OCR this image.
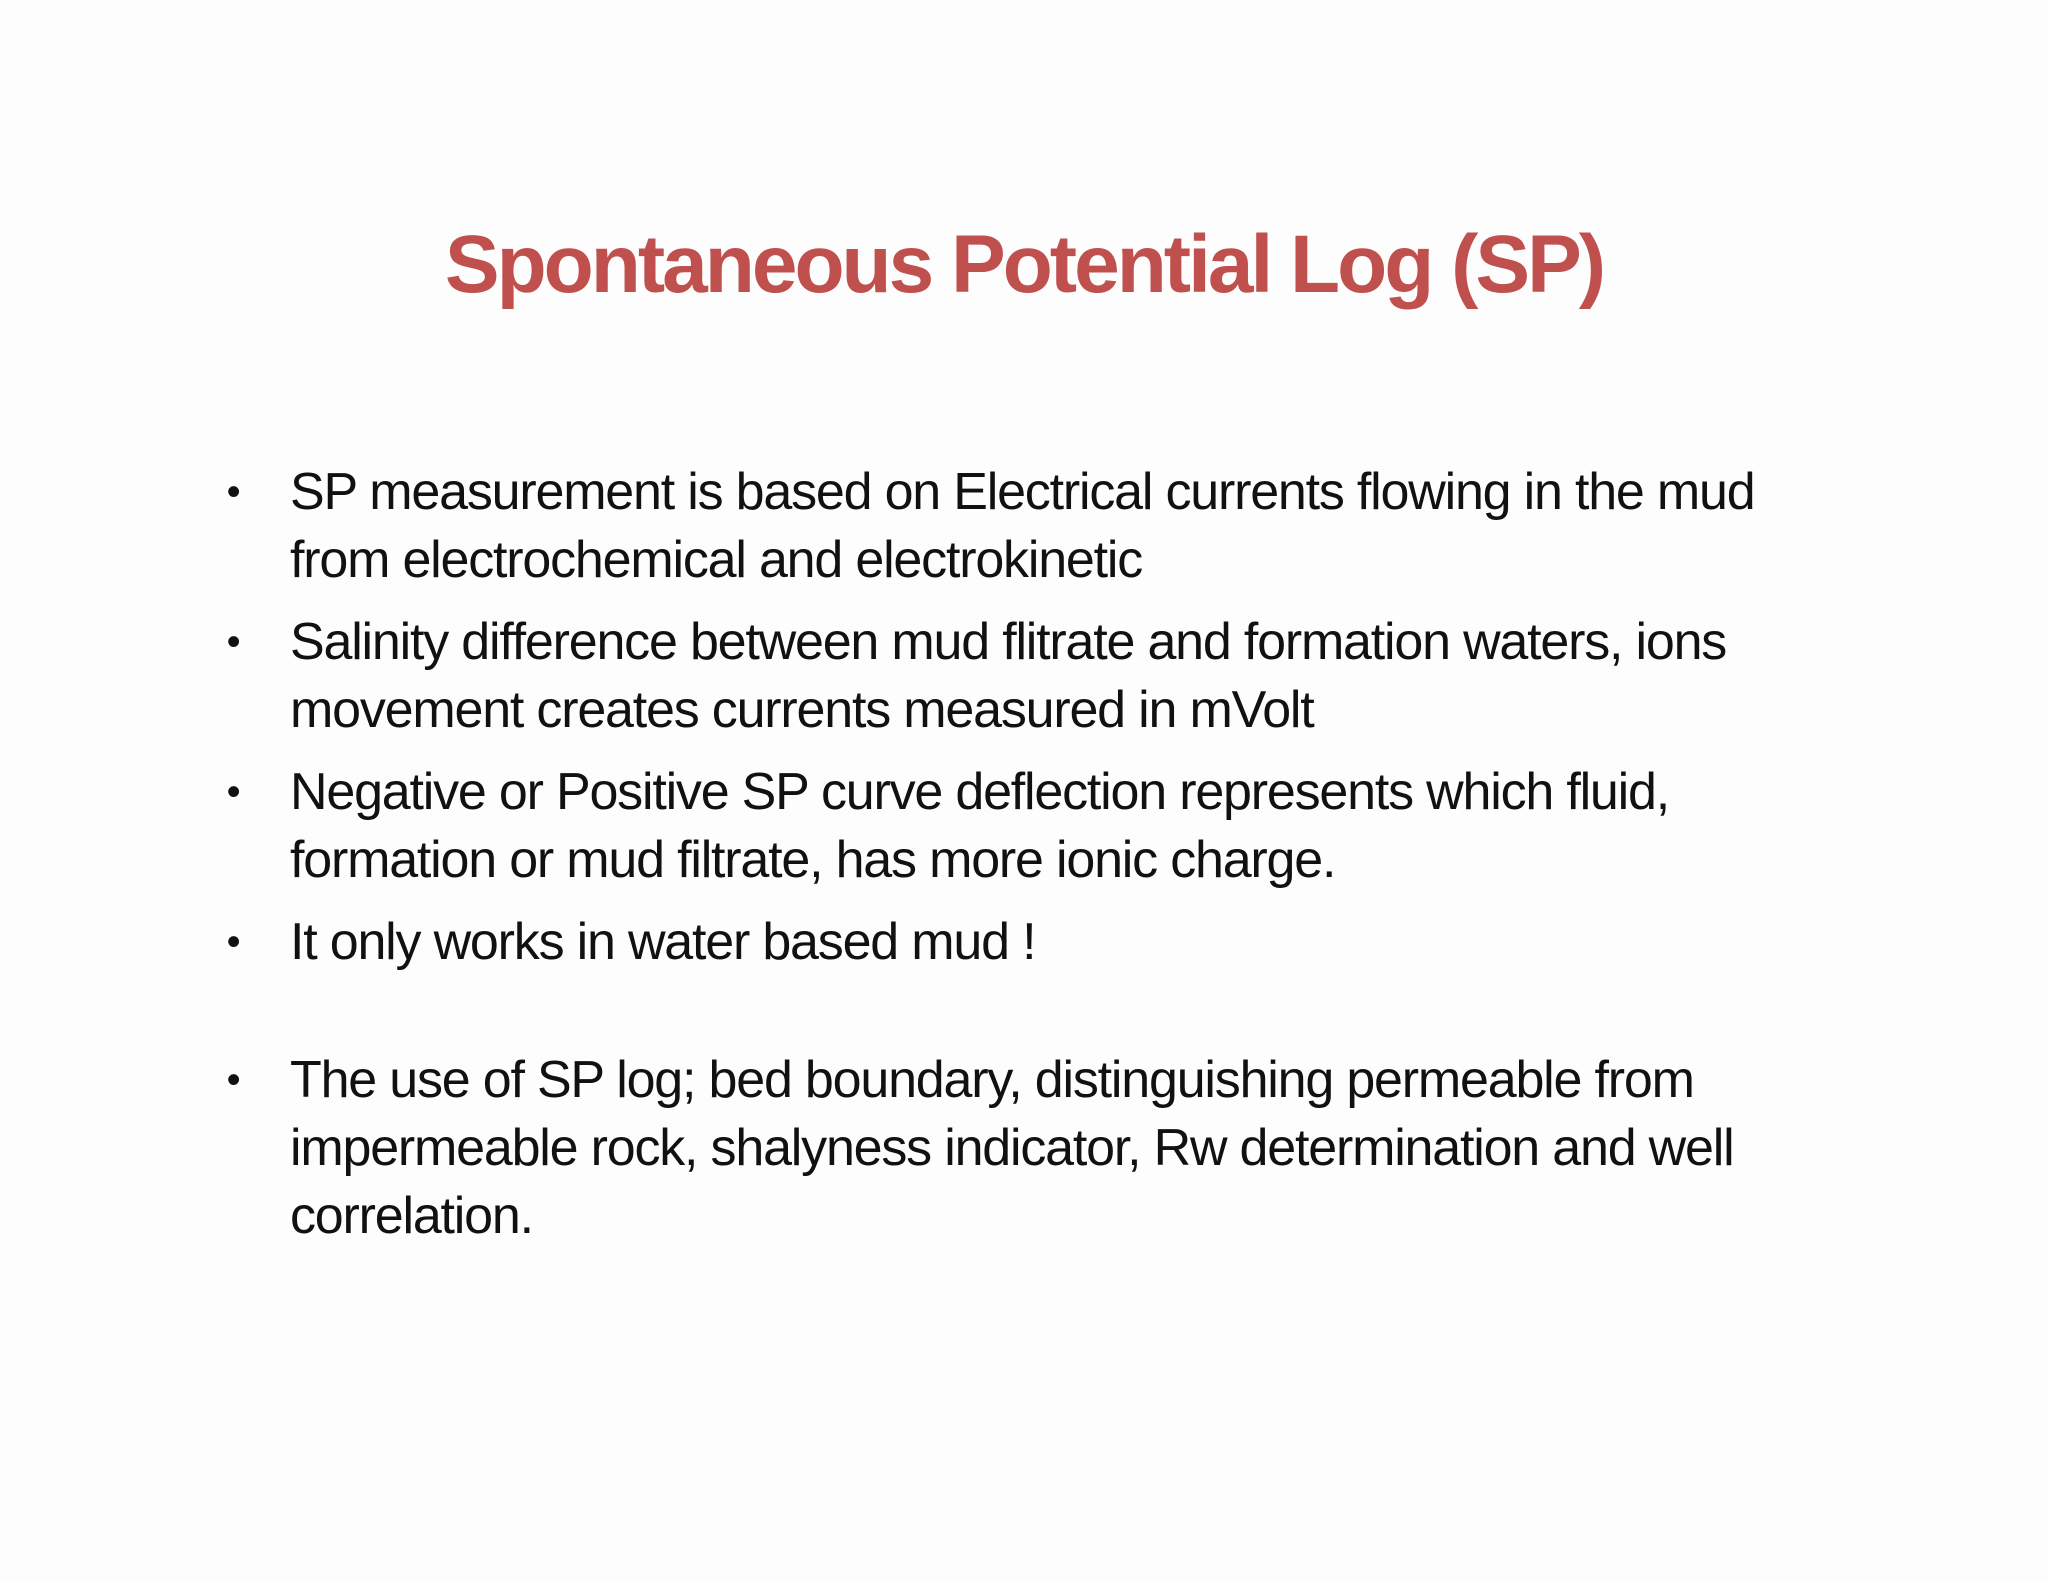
Spontaneous Potential Log (SP)
• SP measurement is based on Electrical currents flowing in the mud from electrochemical and electrokinetic
• Salinity difference between mud flitrate and formation waters, ions movement creates currents measured in mVolt
• Negative or Positive SP curve deflection represents which fluid, formation or mud filtrate, has more ionic charge.
• It only works in water based mud !
• The use of SP log; bed boundary, distinguishing permeable from impermeable rock, shalyness indicator, Rw determination and well correlation.
